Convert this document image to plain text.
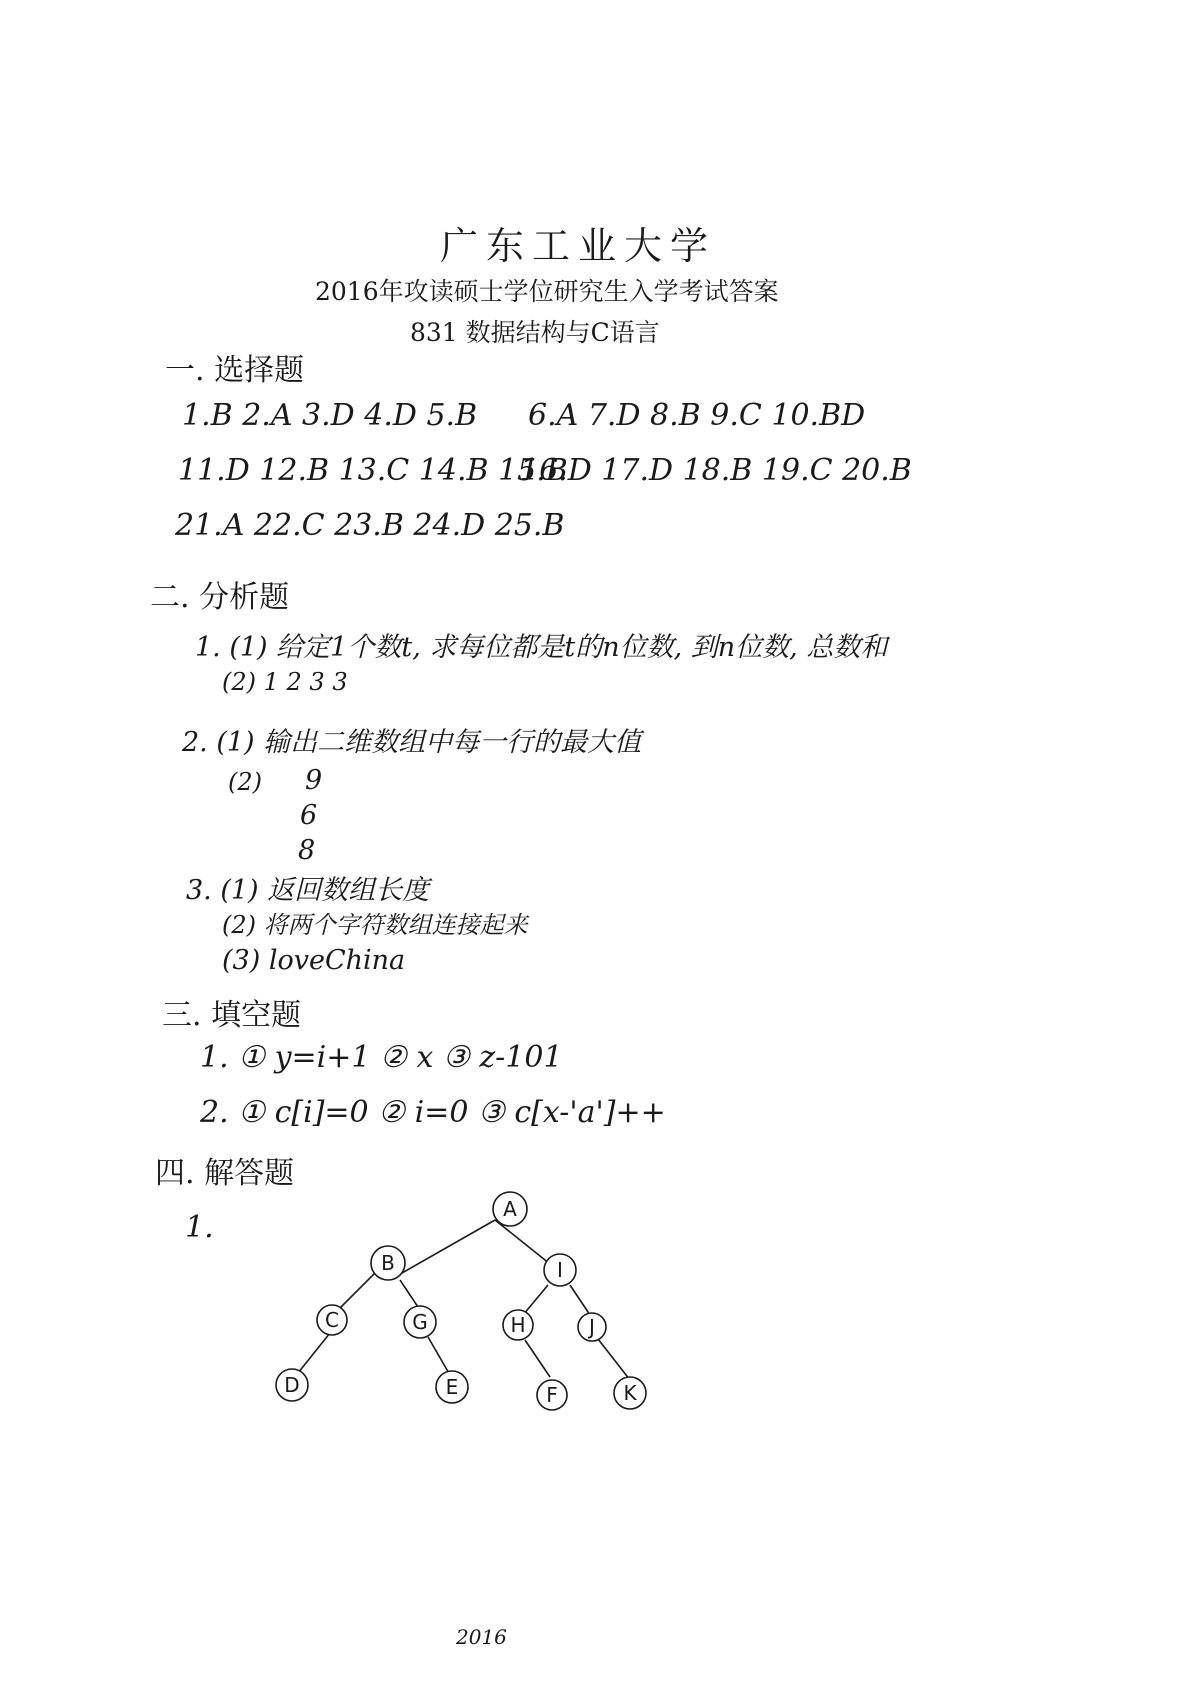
广东工业大学
2016年攻读硕士学位研究生入学考试答案
831 数据结构与C语言
一. 选择题
1.B 2.A 3.D 4.D 5.B 6.A 7.D 8.B 9.C 10.BD
11.D 12.B 13.C 14.B 15.B
16.D 17.D 18.B 19.C 20.B
21.A 22.C 23.B 24.D 25.B
二. 分析题
1. (1) 给定1个数t, 求每位都是t的n位数, 到n位数, 总数和
(2) 1 2 3 3
2. (1) 输出二维数组中每一行的最大值
(2) 9
6
8
3. (1) 返回数组长度
(2) 将两个字符数组连接起来
(3) loveChina
三. 填空题
1. ① y=i+1 ② x ③ z-101
2. ① c[i]=0 ② i=0 ③ c[x-'a']++
四. 解答题
1.
A
B	I
C	G	H	J
D	E	F	K
2016
